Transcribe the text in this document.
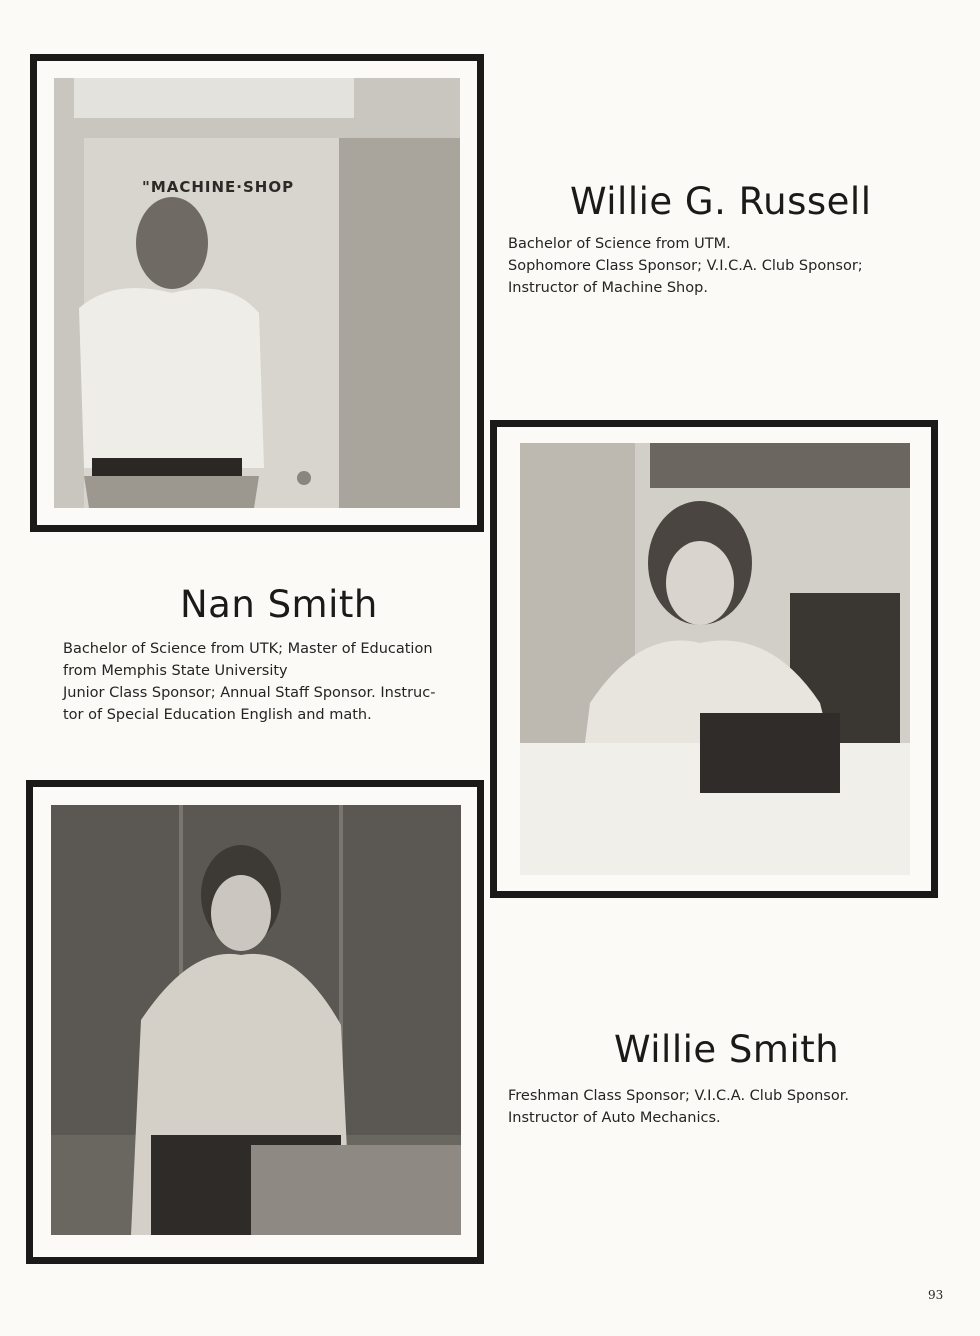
"MACHINE·SHOP	Willie G. Russell
Bachelor of Science from UTM.
Sophomore Class Sponsor; V.I.C.A. Club Sponsor;
Instructor of Machine Shop.
Nan Smith
Bachelor of Science from UTK; Master of Education
from Memphis State University
Junior Class Sponsor; Annual Staff Sponsor. Instruc-
tor of Special Education English and math.
Willie Smith
Freshman Class Sponsor; V.I.C.A. Club Sponsor.
Instructor of Auto Mechanics.
93
